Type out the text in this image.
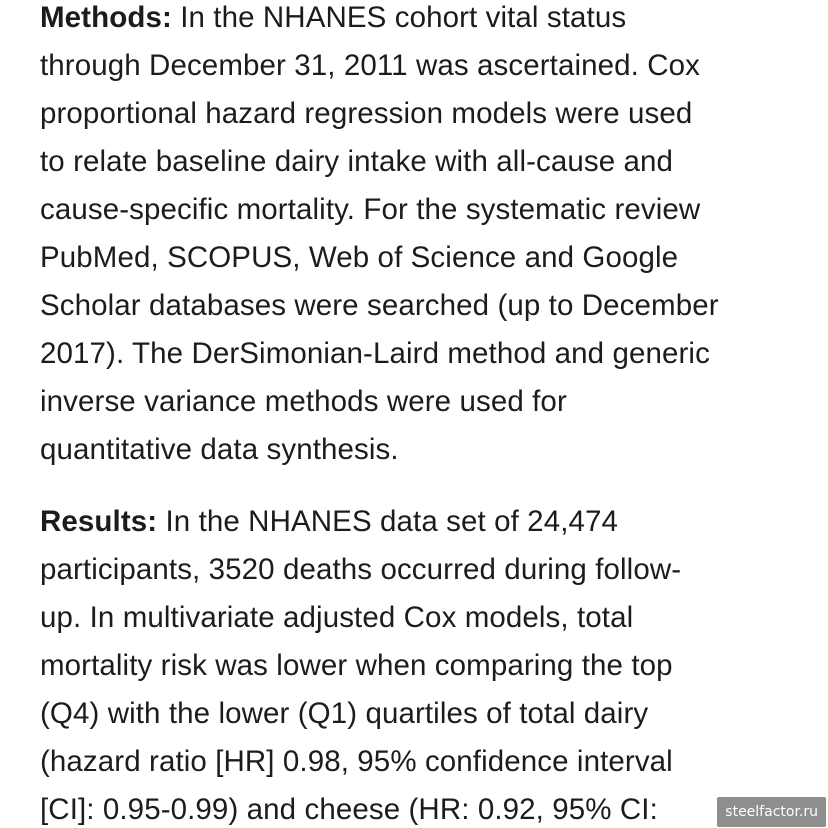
Methods: In the NHANES cohort vital status
through December 31, 2011 was ascertained. Cox
proportional hazard regression models were used
to relate baseline dairy intake with all-cause and
cause-specific mortality. For the systematic review
PubMed, SCOPUS, Web of Science and Google
Scholar databases were searched (up to December
2017). The DerSimonian-Laird method and generic
inverse variance methods were used for
quantitative data synthesis.

Results: In the NHANES data set of 24,474
participants, 3520 deaths occurred during follow-
up. In multivariate adjusted Cox models, total
mortality risk was lower when comparing the top
(Q4) with the lower (Q1) quartiles of total dairy
(hazard ratio [HR] 0.98, 95% confidence interval
[CI]: 0.95-0.99) and cheese (HR: 0.92, 95% CI:	steelfactor.ru
